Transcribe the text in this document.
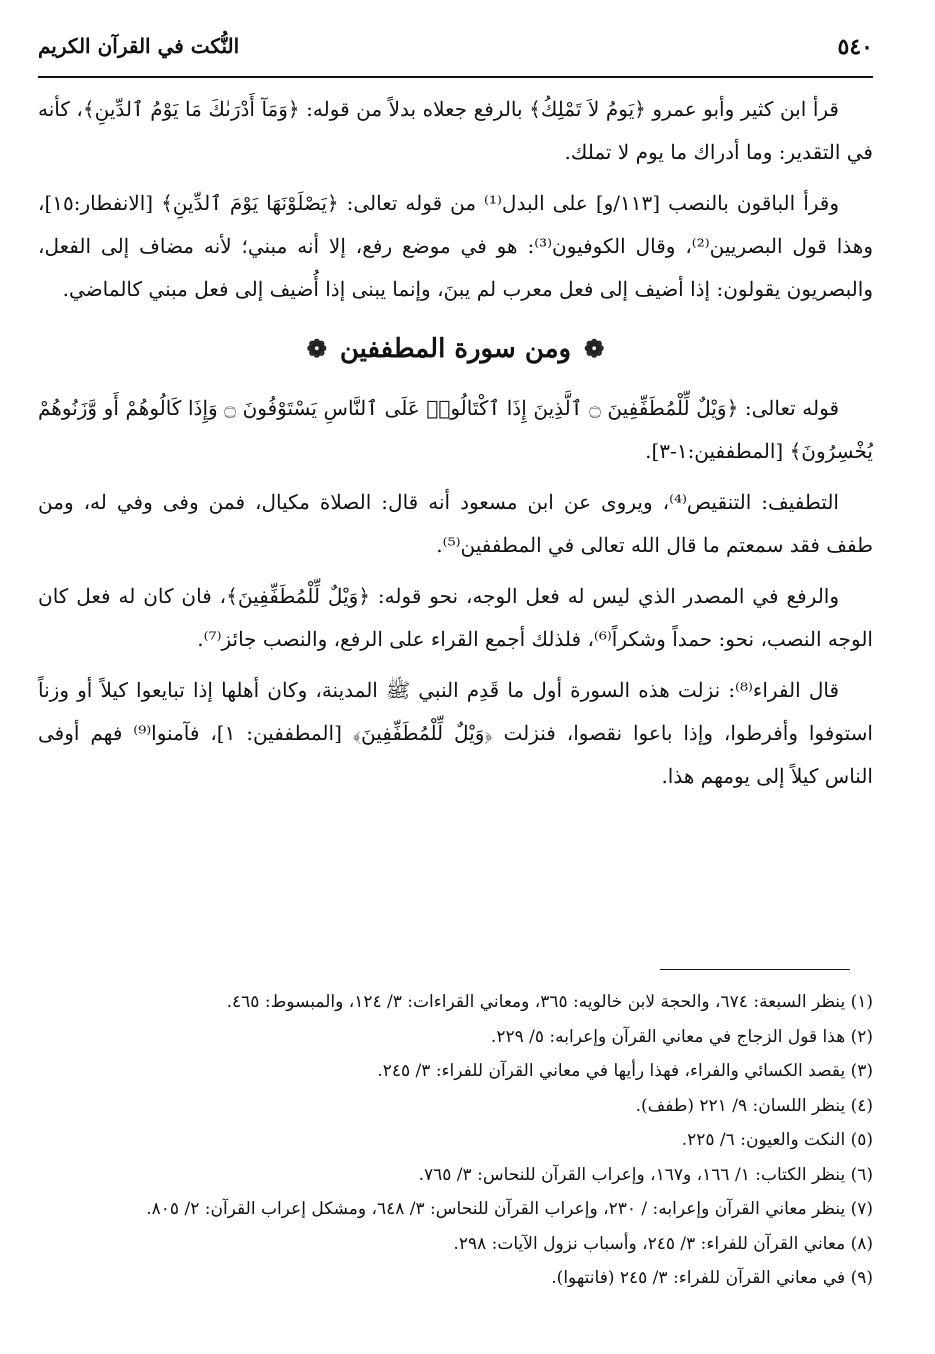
النُّكت في القرآن الكريم	٥٤٠

قرأ ابن كثير وأبو عمرو ﴿يَومُ لاَ تَمْلِكُ﴾ بالرفع جعلاه بدلاً من قوله: ﴿وَمَآ أَدْرَىٰكَ مَا يَوْمُ ٱلدِّينِ﴾، كأنه في التقدير: وما أدراك ما يوم لا تملك.

وقرأ الباقون بالنصب [١١٣/و] على البدل⁽¹⁾ من قوله تعالى: ﴿يَصْلَوْنَهَا يَوْمَ ٱلدِّينِ﴾ [الانفطار:١٥]، وهذا قول البصريين⁽²⁾، وقال الكوفيون⁽³⁾: هو في موضع رفع، إلا أنه مبني؛ لأنه مضاف إلى الفعل، والبصريون يقولون: إذا أضيف إلى فعل معرب لم يبنَ، وإنما يبنى إذا أُضيف إلى فعل مبني كالماضي.

❁ ومن سورة المطففين ❁

قوله تعالى: ﴿وَيْلٌ لِّلْمُطَفِّفِينَ ۝ ٱلَّذِينَ إِذَا ٱكْتَالُوا۟ عَلَى ٱلنَّاسِ يَسْتَوْفُونَ ۝ وَإِذَا كَالُوهُمْ أَو وَّزَنُوهُمْ يُخْسِرُونَ﴾ [المطففين:١-٣].

التطفيف: التنقيص⁽⁴⁾، ويروى عن ابن مسعود أنه قال: الصلاة مكيال، فمن وفى وفي له، ومن طفف فقد سمعتم ما قال الله تعالى في المطففين⁽⁵⁾.

والرفع في المصدر الذي ليس له فعل الوجه، نحو قوله: ﴿وَيْلٌ لِّلْمُطَفِّفِينَ﴾، فان كان له فعل كان الوجه النصب، نحو: حمداً وشكراً⁽⁶⁾، فلذلك أجمع القراء على الرفع، والنصب جائز⁽⁷⁾.

قال الفراء⁽⁸⁾: نزلت هذه السورة أول ما قَدِم النبي ﷺ المدينة، وكان أهلها إذا تبايعوا كيلاً أو وزناً استوفوا وأفرطوا، وإذا باعوا نقصوا، فنزلت ﴿وَيْلٌ لِّلْمُطَفِّفِينَ﴾ [المطففين: ١]، فآمنوا⁽⁹⁾ فهم أوفى الناس كيلاً إلى يومهم هذا.

(١) ينظر السبعة: ٦٧٤، والحجة لابن خالويه: ٣٦٥، ومعاني القراءات: ٣/ ١٢٤، والمبسوط: ٤٦٥.

(٢) هذا قول الزجاج في معاني القرآن وإعرابه: ٥/ ٢٢٩.

(٣) يقصد الكسائي والفراء، فهذا رأيها في معاني القرآن للفراء: ٣/ ٢٤٥.

(٤) ينظر اللسان: ٩/ ٢٢١ (طفف).

(٥) النكت والعيون: ٦/ ٢٢٥.

(٦) ينظر الكتاب: ١/ ١٦٦، و١٦٧، وإعراب القرآن للنحاس: ٣/ ٧٦٥.

(٧) ينظر معاني القرآن وإعرابه: / ٢٣٠، وإعراب القرآن للنحاس: ٣/ ٦٤٨، ومشكل إعراب القرآن: ٢/ ٨٠٥.

(٨) معاني القرآن للفراء: ٣/ ٢٤٥، وأسباب نزول الآيات: ٢٩٨.

(٩) في معاني القرآن للفراء: ٣/ ٢٤٥ (فانتهوا).
